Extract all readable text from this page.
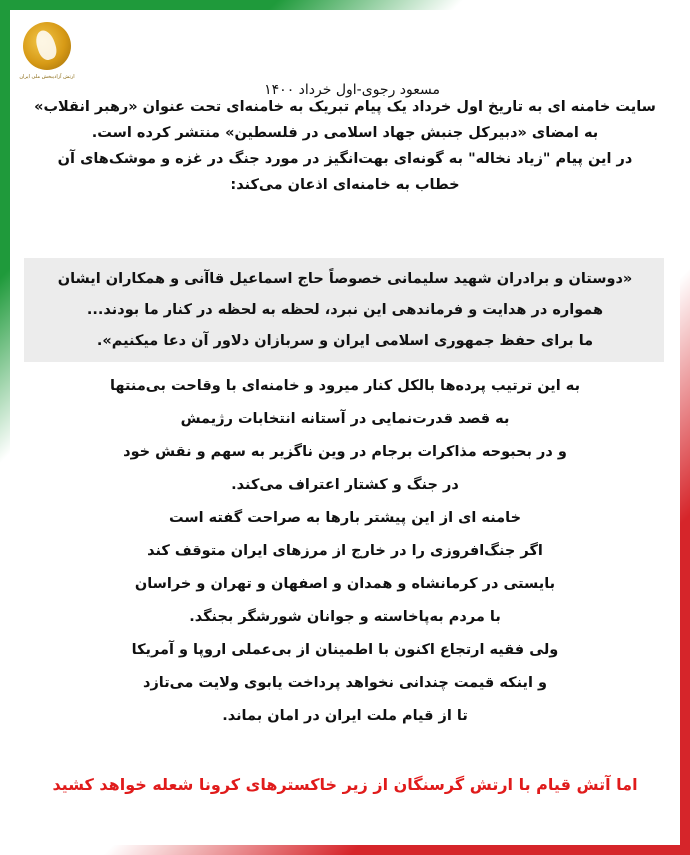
ارتش آزادیبخش ملی ایران
مسعود رجوی-اول خرداد ۱۴۰۰
سایت خامنه ای به تاریخ اول خرداد یک پیام تبریک به خامنه‌ای تحت عنوان «رهبر انقلاب»
به امضای «دبیرکل جنبش جهاد اسلامی در فلسطین» منتشر کرده است.
در این پیام "زیاد نخاله" به گونه‌ای بهت‌انگیز در مورد جنگ در غزه و موشک‌های آن
خطاب به خامنه‌ای اذعان می‌کند:
«دوستان و برادران شهید سلیمانی خصوصاً حاج اسماعیل قاآنی و همکاران ایشان
همواره در هدایت و فرماندهی این نبرد، لحظه به لحظه در کنار ما بودند...
ما برای حفظ جمهوری اسلامی ایران و سربازان دلاور آن دعا میکنیم».
به این ترتیب پرده‌ها بالکل کنار میرود و خامنه‌ای با وقاحت بی‌منتها
به قصد قدرت‌نمایی در آستانه انتخابات رژیمش
و در بحبوحه مذاکرات برجام در وین ناگزیر به سهم و نقش خود
در جنگ و کشتار اعتراف می‌کند.
خامنه ای از این پیشتر بارها به صراحت گفته است
اگر جنگ‌افروزی را در خارج از مرزهای ایران متوقف کند
بایستی در کرمانشاه و همدان و اصفهان و تهران و خراسان
با مردم به‌پاخاسته و جوانان شورشگر بجنگد.
ولی فقیه ارتجاع اکنون با اطمینان از بی‌عملی اروپا و آمریکا
و اینکه قیمت چندانی نخواهد پرداخت یابوی ولایت می‌تازد
تا از قیام ملت ایران در امان بماند.
اما آتش قیام با ارتش گرسنگان از زیر خاکسترهای کرونا شعله خواهد کشید
